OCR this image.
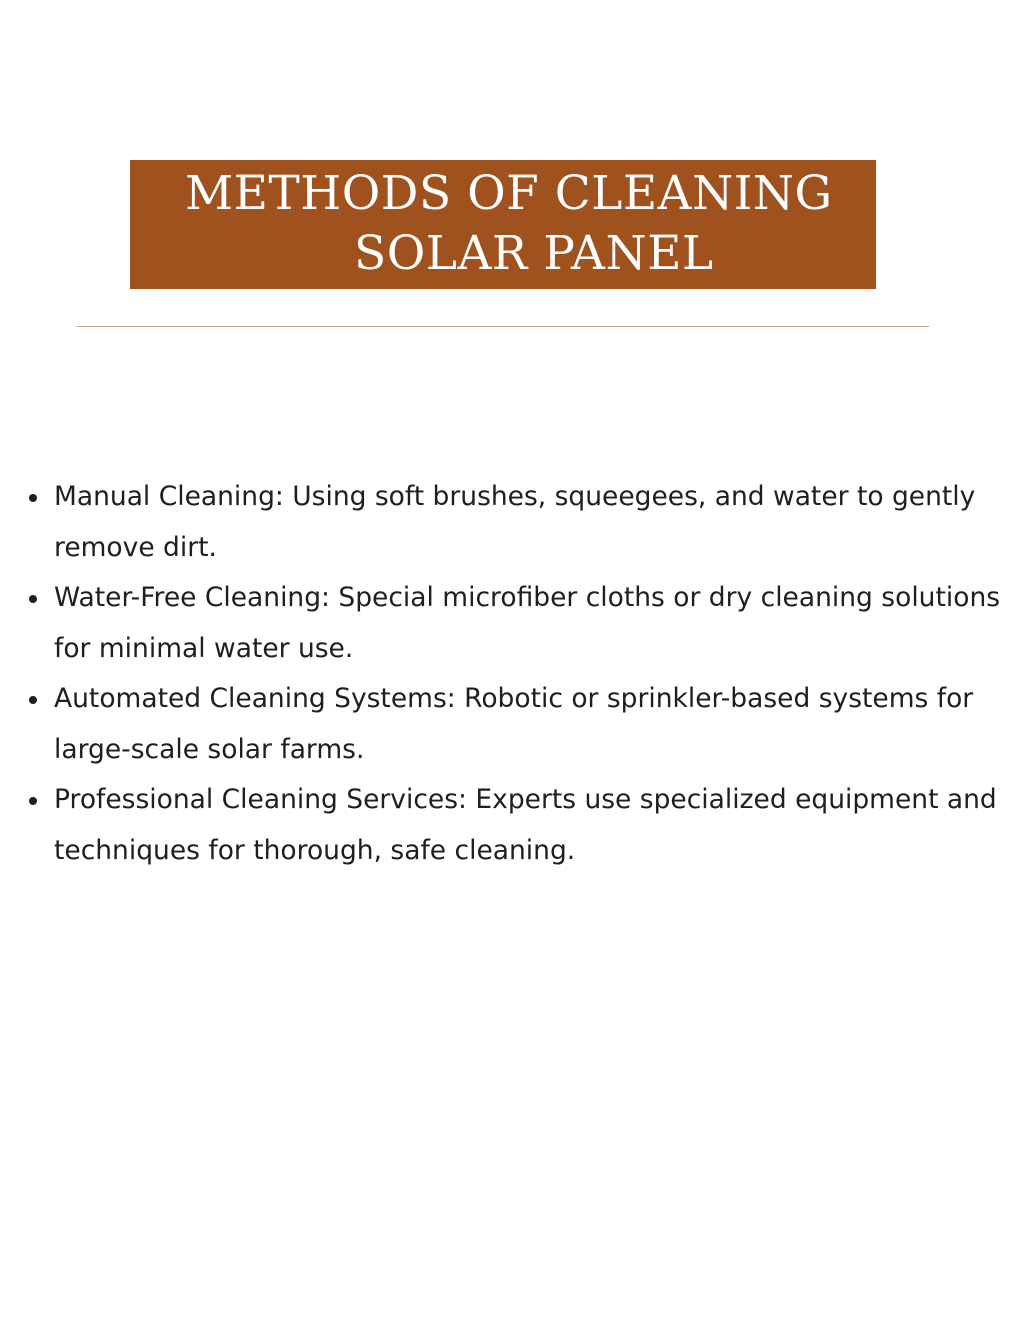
METHODS OF CLEANING
SOLAR PANEL
Manual Cleaning: Using soft brushes, squeegees, and water to gently remove dirt.
Water-Free Cleaning: Special microfiber cloths or dry cleaning solutions for minimal water use.
Automated Cleaning Systems: Robotic or sprinkler-based systems for large-scale solar farms.
Professional Cleaning Services: Experts use specialized equipment and techniques for thorough, safe cleaning.
